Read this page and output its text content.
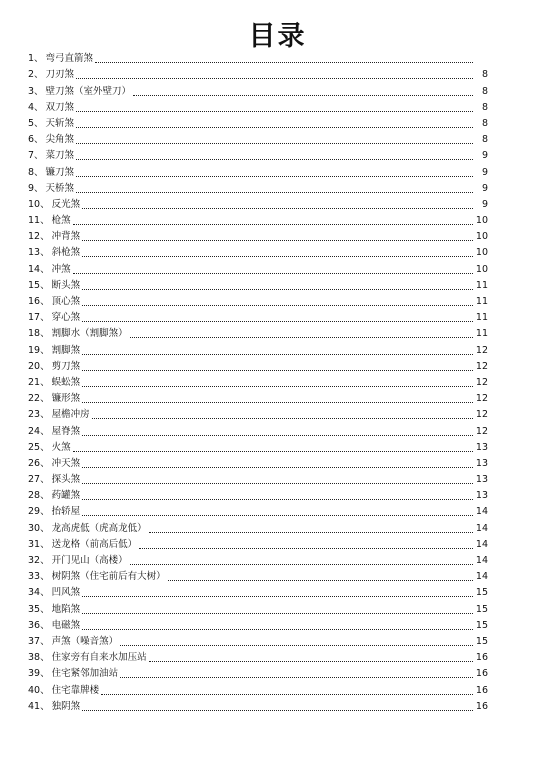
目录
1、 弯弓直箭煞
2、 刀刃煞	8
3、 壁刀煞（室外壁刀）	8
4、 双刀煞	8
5、 天斩煞	8
6、 尖角煞	8
7、 菜刀煞	9
8、 镰刀煞	9
9、 天桥煞	9
10、 反光煞	9
11、 枪煞	10
12、 冲背煞	10
13、 斜枪煞	10
14、 冲煞	10
15、 断头煞	11
16、 顶心煞	11
17、 穿心煞	11
18、 割脚水（割脚煞）	11
19、 割脚煞	12
20、 剪刀煞	12
21、 蜈蚣煞	12
22、 镰形煞	12
23、 屋檐冲房	12
24、 屋脊煞	12
25、 火煞	13
26、 冲天煞	13
27、 探头煞	13
28、 药罐煞	13
29、 抬轿屋	14
30、 龙高虎低（虎高龙低）	14
31、 送龙格（前高后低）	14
32、 开门见山（高楼）	14
33、 树阴煞（住宅前后有大树）	14
34、 凹风煞	15
35、 地陷煞	15
36、 电磁煞	15
37、 声煞（噪音煞）	15
38、 住家旁有自来水加压站	16
39、 住宅紧邻加油站	16
40、 住宅靠牌楼	16
41、 独阴煞	16
